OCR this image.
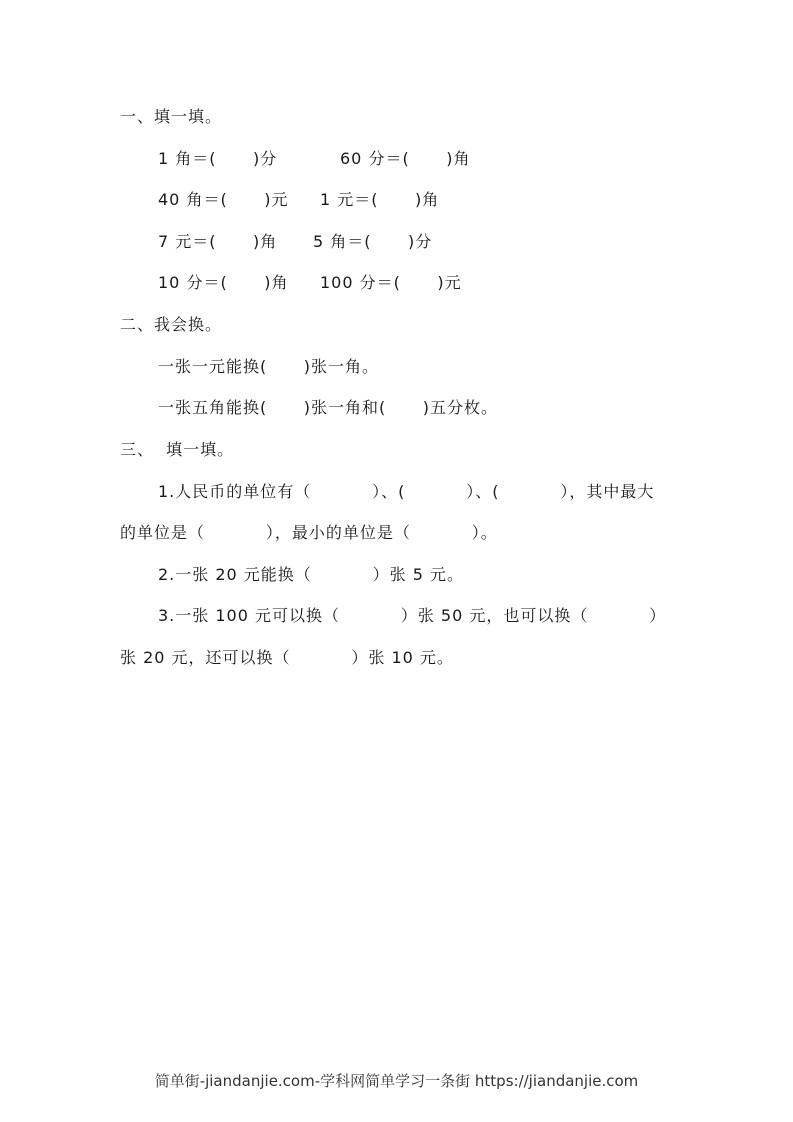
一、填一填。
1 角＝(      )分	60 分＝(      )角
40 角＝(      )元 1 元＝(      )角
7 元＝(      )角 5 角＝(      )分
10 分＝(      )角 100 分＝(      )元
二、我会换。
一张一元能换(      )张一角。
一张五角能换(      )张一角和(      )五分枚。
三、  填一填。
1.人民币的单位有（          ）、(          ）、(          ），其中最大
的单位是（          ），最小的单位是（          ）。
2.一张 20 元能换（          ）张 5 元。
3.一张 100 元可以换（          ）张 50 元，也可以换（          ）
张 20 元，还可以换（          ）张 10 元。
简单街-jiandanjie.com-学科网简单学习一条街 https://jiandanjie.com
